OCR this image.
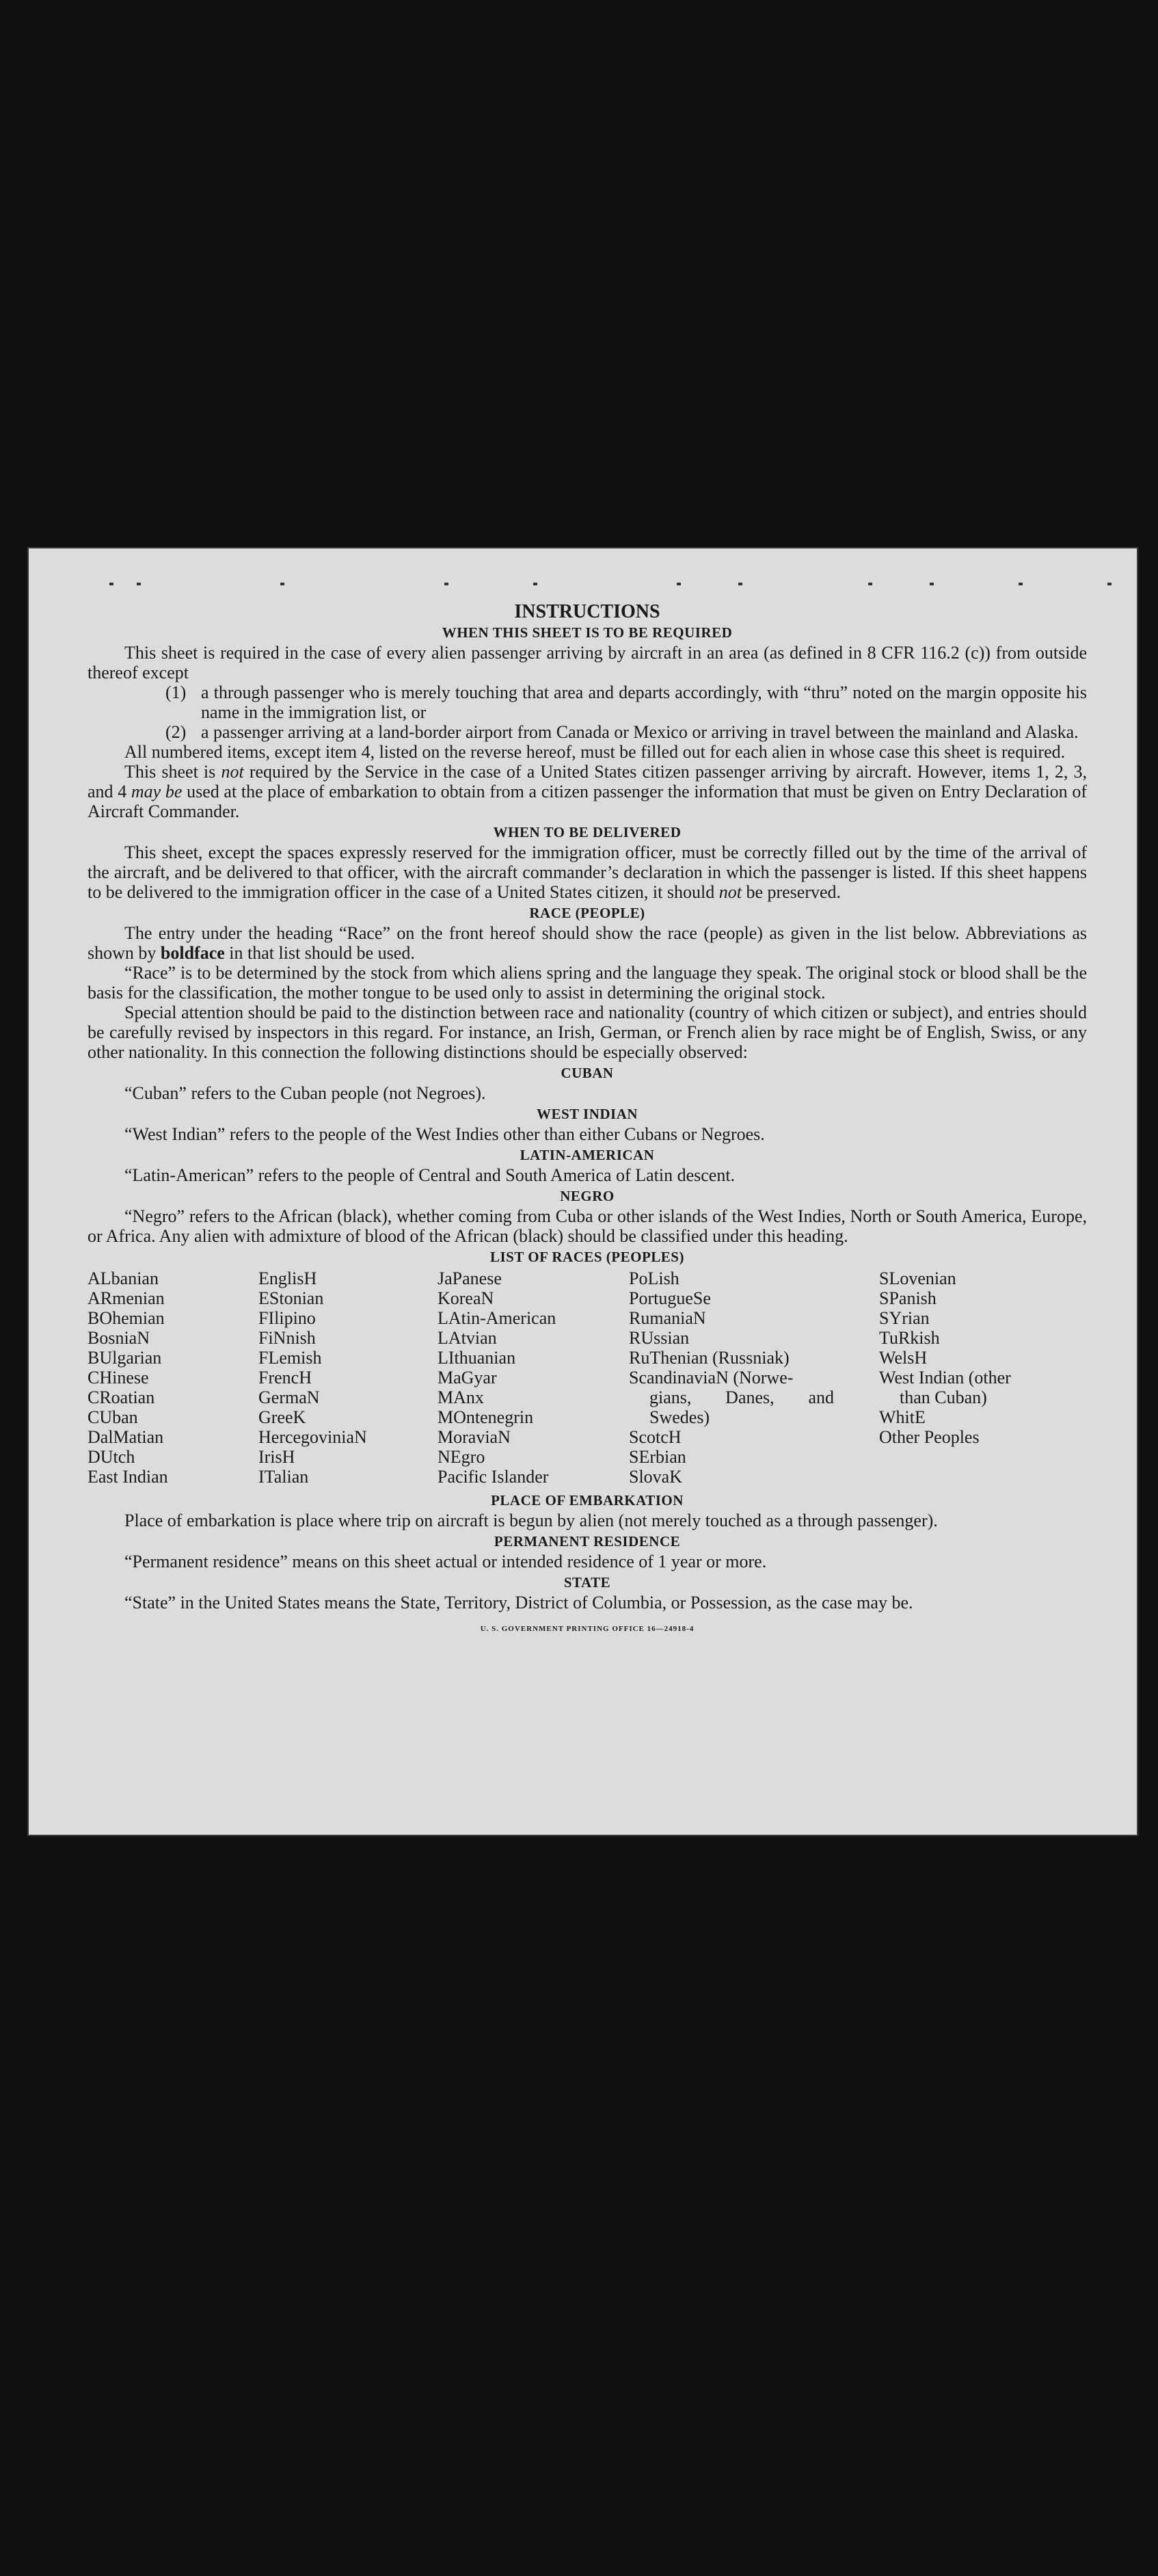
INSTRUCTIONS
WHEN THIS SHEET IS TO BE REQUIRED

This sheet is required in the case of every alien passenger arriving by aircraft in an area (as defined in 8 CFR 116.2 (c)) from outside thereof except

(1) a through passenger who is merely touching that area and departs accordingly, with “thru” noted on the margin opposite his name in the immigration list, or
(2) a passenger arriving at a land-border airport from Canada or Mexico or arriving in travel between the mainland and Alaska.

All numbered items, except item 4, listed on the reverse hereof, must be filled out for each alien in whose case this sheet is required.

This sheet is not required by the Service in the case of a United States citizen passenger arriving by aircraft. However, items 1, 2, 3, and 4 may be used at the place of embarkation to obtain from a citizen passenger the information that must be given on Entry Declaration of Aircraft Commander.

WHEN TO BE DELIVERED

This sheet, except the spaces expressly reserved for the immigration officer, must be correctly filled out by the time of the arrival of the aircraft, and be delivered to that officer, with the aircraft commander’s declaration in which the passenger is listed. If this sheet happens to be delivered to the immigration officer in the case of a United States citizen, it should not be preserved.

RACE (PEOPLE)

The entry under the heading “Race” on the front hereof should show the race (people) as given in the list below. Abbreviations as shown by boldface in that list should be used.

“Race” is to be determined by the stock from which aliens spring and the language they speak. The original stock or blood shall be the basis for the classification, the mother tongue to be used only to assist in determining the original stock.

Special attention should be paid to the distinction between race and nationality (country of which citizen or subject), and entries should be carefully revised by inspectors in this regard. For instance, an Irish, German, or French alien by race might be of English, Swiss, or any other nationality. In this connection the following distinctions should be especially observed:

CUBAN

“Cuban” refers to the Cuban people (not Negroes).

WEST INDIAN

“West Indian” refers to the people of the West Indies other than either Cubans or Negroes.

LATIN-AMERICAN

“Latin-American” refers to the people of Central and South America of Latin descent.

NEGRO

“Negro” refers to the African (black), whether coming from Cuba or other islands of the West Indies, North or South America, Europe, or Africa. Any alien with admixture of blood of the African (black) should be classified under this heading.

LIST OF RACES (PEOPLES)
ALbanian
ARmenian
BOhemian
BosniaN
BUlgarian
CHinese
CRoatian
CUban
DalMatian
DUtch
East Indian
EnglisH
EStonian
FIlipino
FiNnish
FLemish
FrencH
GermaN
GreeK
HercegoviniaN
IrisH
ITalian
JaPanese
KoreaN
LAtin-American
LAtvian
LIthuanian
MaGyar
MAnx
MOntenegrin
MoraviaN
NEgro
Pacific Islander
PoLish
PortugueSe
RumaniaN
RUssian
RuThenian (Russniak)
ScandinaviaN (Norwe-
gians, Danes, and
Swedes)
ScotcH
SErbian
SlovaK
SLovenian
SPanish
SYrian
TuRkish
WelsH
West Indian (other
than Cuban)
WhitE
Other Peoples
PLACE OF EMBARKATION

Place of embarkation is place where trip on aircraft is begun by alien (not merely touched as a through passenger).

PERMANENT RESIDENCE

“Permanent residence” means on this sheet actual or intended residence of 1 year or more.

STATE

“State” in the United States means the State, Territory, District of Columbia, or Possession, as the case may be.

U. S. GOVERNMENT PRINTING OFFICE 16—24918-4
